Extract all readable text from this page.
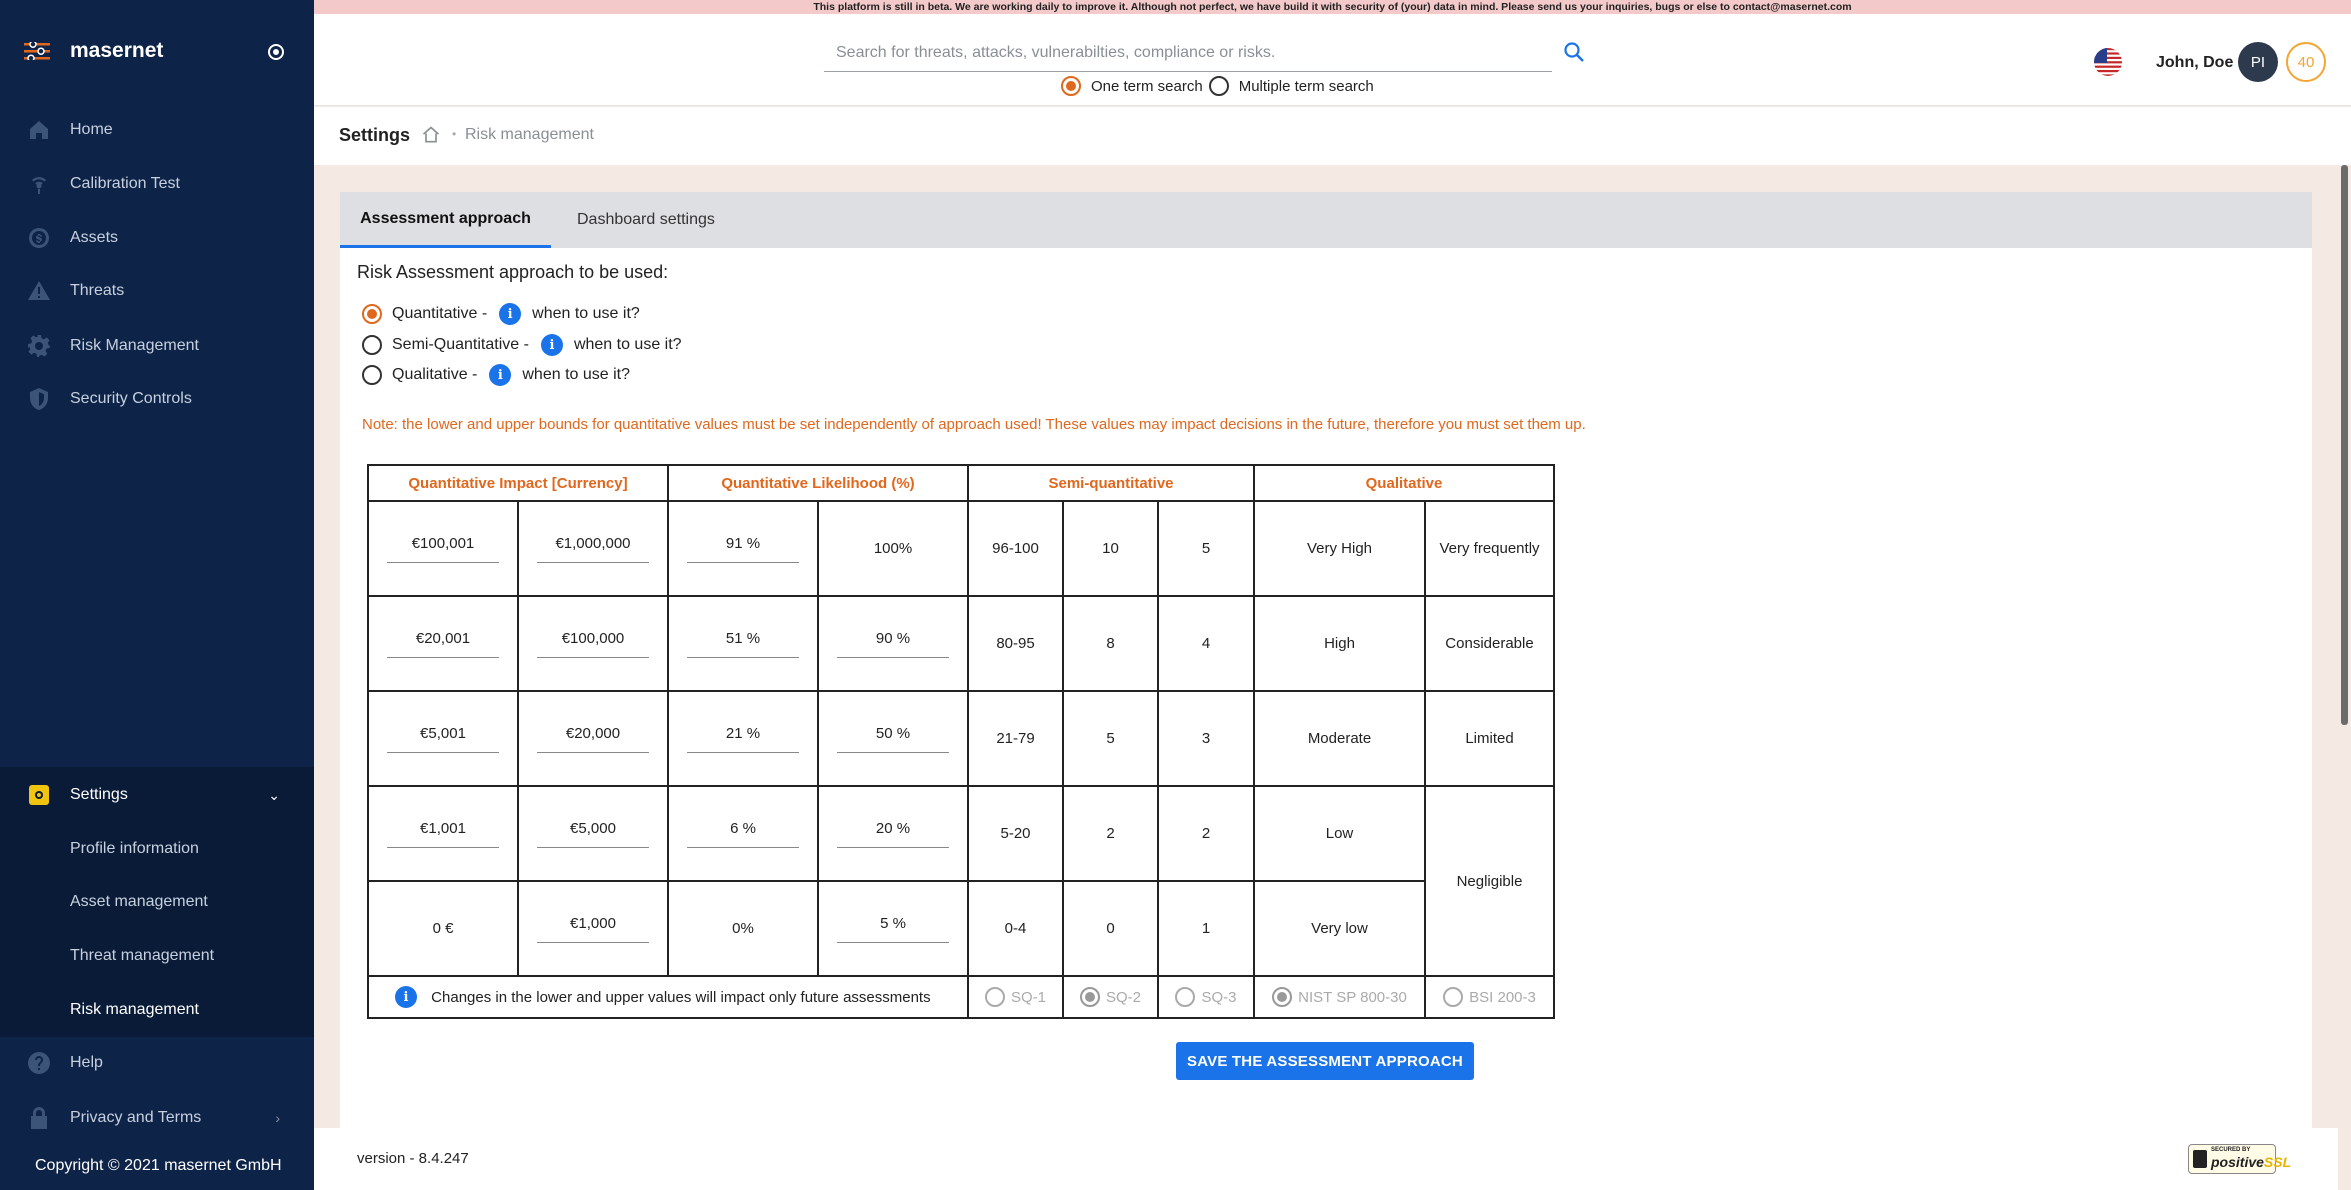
This platform is still in beta. We are working daily to improve it. Although not perfect, we have build it with security of (your) data in mind. Please send us your inquiries, bugs or else to contact@masernet.com
masernet
Home
Calibration Test
Assets
Threats
Risk Management
Security Controls
Settings	⌄
Profile information
Asset management
Threat management
Risk management
Help
Privacy and Terms	›
Copyright © 2021 masernet GmbH
Search for threats, attacks, vulnerabilties, compliance or risks.
One term search Multiple term search
John, Doe	PI	40
Settings	• Risk management
Assessment approach	Dashboard settings
Risk Assessment approach to be used:
Quantitative -	i	when to use it?
Semi-Quantitative -	i	when to use it?
Qualitative -	i	when to use it?
Note: the lower and upper bounds for quantitative values must be set independently of approach used! These values may impact decisions in the future, therefore you must set them up.
Quantitative Impact [Currency]		Quantitative Likelihood (%)		Semi-quantitative			Qualitative	
€100,001	€1,000,000	91 %	100%	96-100	10	5	Very High	Very frequently
€20,001	€100,000	51 %	90 %	80-95	8	4	High	Considerable
€5,001	€20,000	21 %	50 %	21-79	5	3	Moderate	Limited
€1,001	€5,000	6 %	20 %	5-20	2	2	Low	Negligible
0 €	€1,000	0%	5 %	0-4	0	1	Very low	
i Changes in the lower and upper values will impact only future assessments				SQ-1	SQ-2	SQ-3	NIST SP 800-30	BSI 200-3
SAVE THE ASSESSMENT APPROACH
version - 8.4.247	SECURED BY
positiveSSL
